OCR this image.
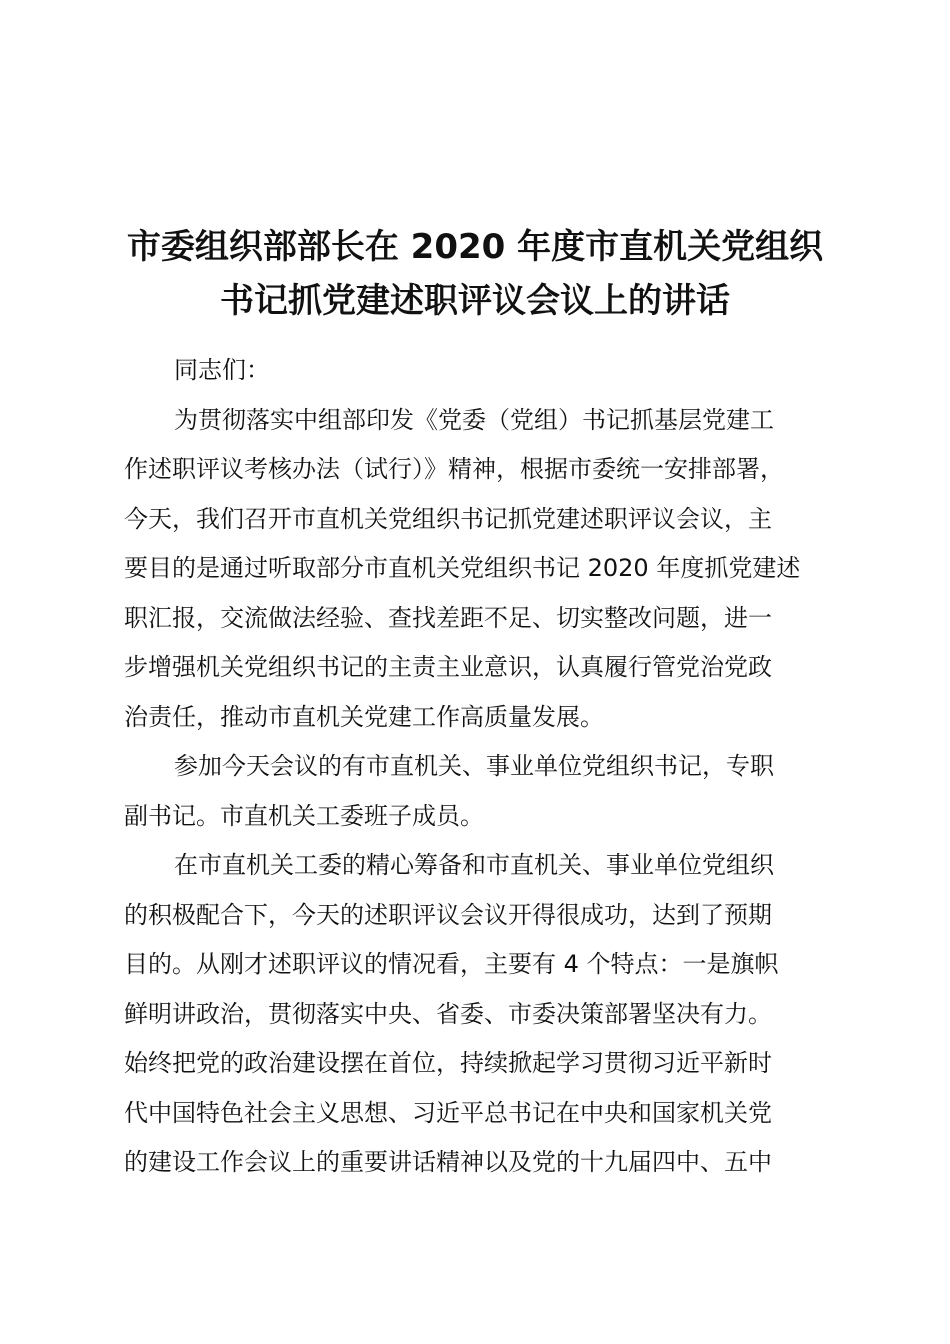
市委组织部部长在 2020 年度市直机关党组织
书记抓党建述职评议会议上的讲话
同志们：
为贯彻落实中组部印发《党委（党组）书记抓基层党建工
作述职评议考核办法（试行）》精神，根据市委统一安排部署，
今天，我们召开市直机关党组织书记抓党建述职评议会议，主
要目的是通过听取部分市直机关党组织书记 2020 年度抓党建述
职汇报，交流做法经验、查找差距不足、切实整改问题，进一
步增强机关党组织书记的主责主业意识，认真履行管党治党政
治责任，推动市直机关党建工作高质量发展。
参加今天会议的有市直机关、事业单位党组织书记，专职
副书记。市直机关工委班子成员。
在市直机关工委的精心筹备和市直机关、事业单位党组织
的积极配合下，今天的述职评议会议开得很成功，达到了预期
目的。从刚才述职评议的情况看，主要有 4 个特点：一是旗帜
鲜明讲政治，贯彻落实中央、省委、市委决策部署坚决有力。
始终把党的政治建设摆在首位，持续掀起学习贯彻习近平新时
代中国特色社会主义思想、习近平总书记在中央和国家机关党
的建设工作会议上的重要讲话精神以及党的十九届四中、五中
